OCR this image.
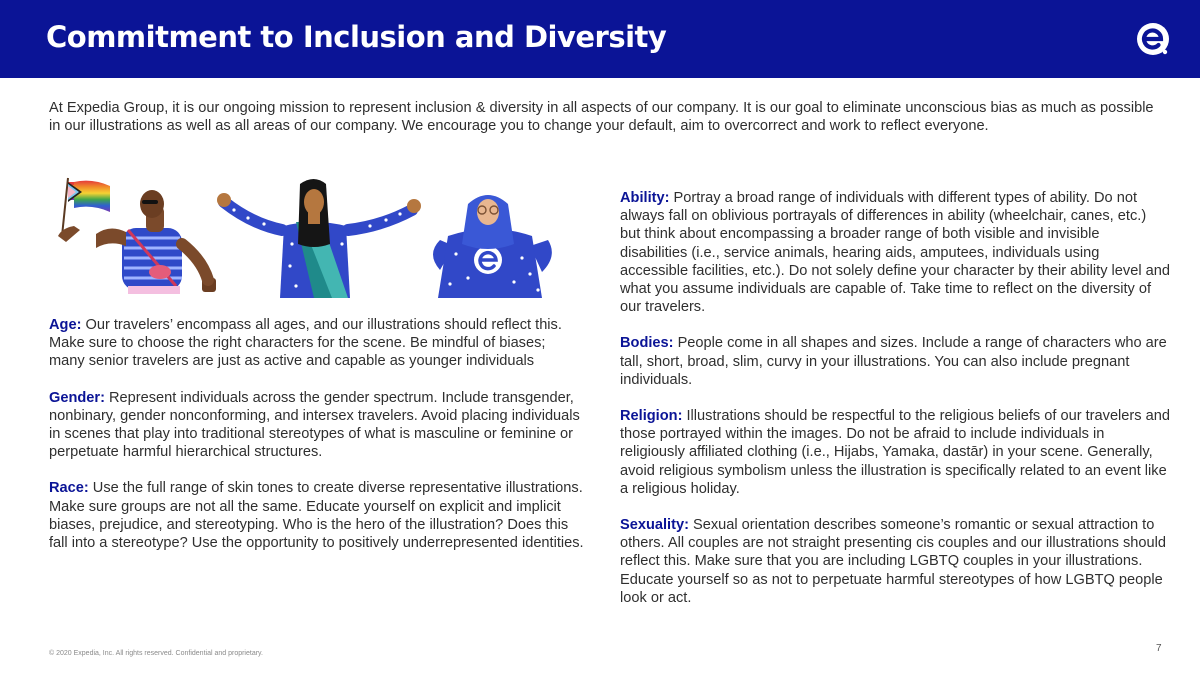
Commitment to Inclusion and Diversity
At Expedia Group, it is our ongoing mission to represent inclusion & diversity in all aspects of our company. It is our goal to eliminate unconscious bias as much as possible in our illustrations as well as all areas of our company. We encourage you to change your default, aim to overcorrect and work to reflect everyone.
Age: Our travelers’ encompass all ages, and our illustrations should reflect this. Make sure to choose the right characters for the scene. Be mindful of biases; many senior travelers are just as active and capable as younger individuals
Gender: Represent individuals across the gender spectrum. Include transgender, nonbinary, gender nonconforming, and intersex travelers. Avoid placing individuals in scenes that play into traditional stereotypes of what is masculine or feminine or perpetuate harmful hierarchical structures.
Race: Use the full range of skin tones to create diverse representative illustrations. Make sure groups are not all the same. Educate yourself on explicit and implicit biases, prejudice, and stereotyping. Who is the hero of the illustration? Does this fall into a stereotype? Use the opportunity to positively underrepresented identities.
Ability: Portray a broad range of individuals with different types of ability. Do not always fall on oblivious portrayals of differences in ability (wheelchair, canes, etc.) but think about encompassing a broader range of both visible and invisible disabilities (i.e., service animals, hearing aids, amputees, individuals using accessible facilities, etc.). Do not solely define your character by their ability level and what you assume individuals are capable of. Take time to reflect on the diversity of our travelers.
Bodies: People come in all shapes and sizes. Include a range of characters who are tall, short, broad, slim, curvy in your illustrations. You can also include pregnant individuals.
Religion: Illustrations should be respectful to the religious beliefs of our travelers and those portrayed within the images. Do not be afraid to include individuals in religiously affiliated clothing (i.e., Hijabs, Yamaka, dastār) in your scene. Generally, avoid religious symbolism unless the illustration is specifically related to an event like a religious holiday.
Sexuality: Sexual orientation describes someone’s romantic or sexual attraction to others. All couples are not straight presenting cis couples and our illustrations should reflect this. Make sure that you are including LGBTQ couples in your illustrations. Educate yourself so as not to perpetuate harmful stereotypes of how LGBTQ people look or act.
© 2020 Expedia, Inc. All rights reserved. Confidential and proprietary.	7
